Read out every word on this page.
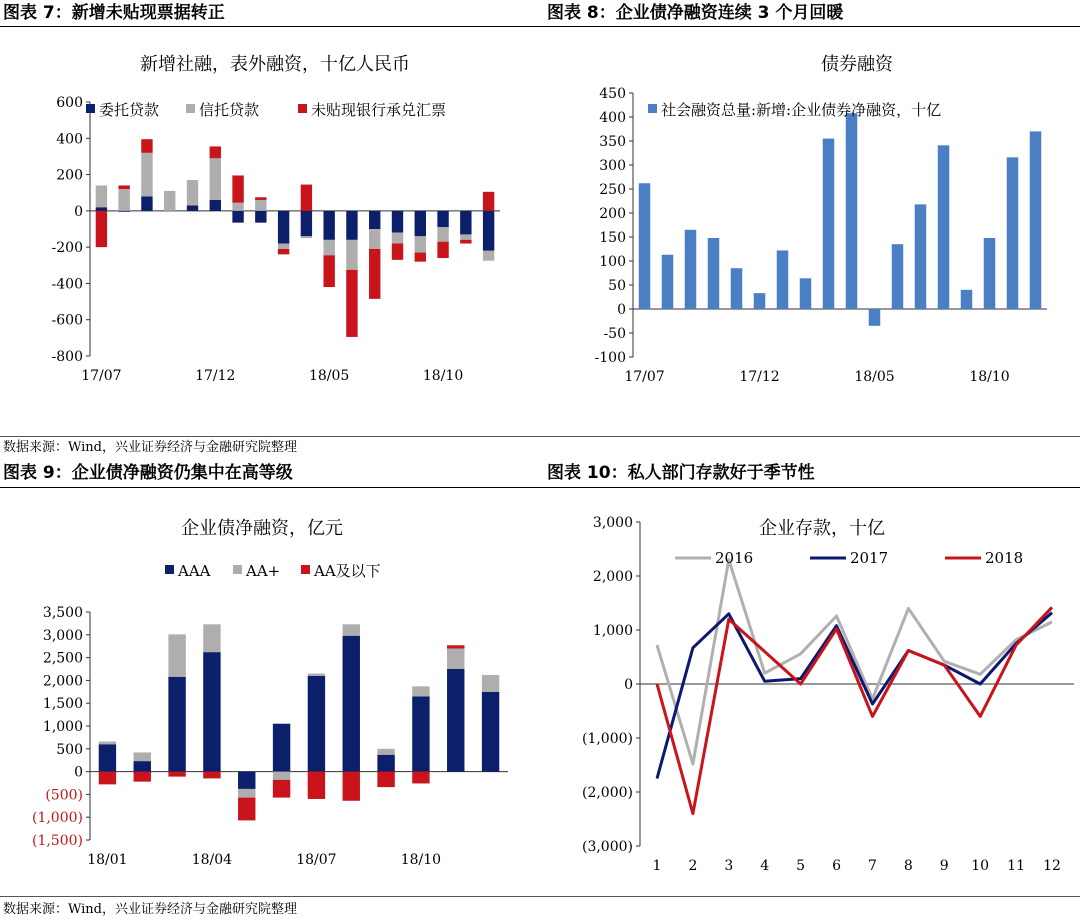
图表 7：新增未贴现票据转正	图表 8：企业债净融资连续 3 个月回暖
数据来源：Wind，兴业证券经济与金融研究院整理
图表 9：企业债净融资仍集中在高等级	图表 10：私人部门存款好于季节性
数据来源：Wind，兴业证券经济与金融研究院整理
新增社融，表外融资，十亿人民币
600
400
200
0
-200
-400
-600
-800
17/07	17/12	18/05	18/10
委托贷款	信托贷款	未贴现银行承兑汇票
债券融资
450
400
350
300
250
200
150
100
50
0
-50
-100
17/07	17/12	18/05	18/10
社会融资总量:新增:企业债券净融资，十亿
企业债净融资，亿元
3,500
3,000
2,500
2,000
1,500
1,000
500
0
(500)
(1,000)
(1,500)
18/01	18/04	18/07	18/10
AAA AA+ AA及以下
企业存款，十亿
3,000
2,000
1,000
0
(1,000)
(2,000)
(3,000)
1 2 3 4 5 6 7 8 9 10 11 12
2016	2017	2018
